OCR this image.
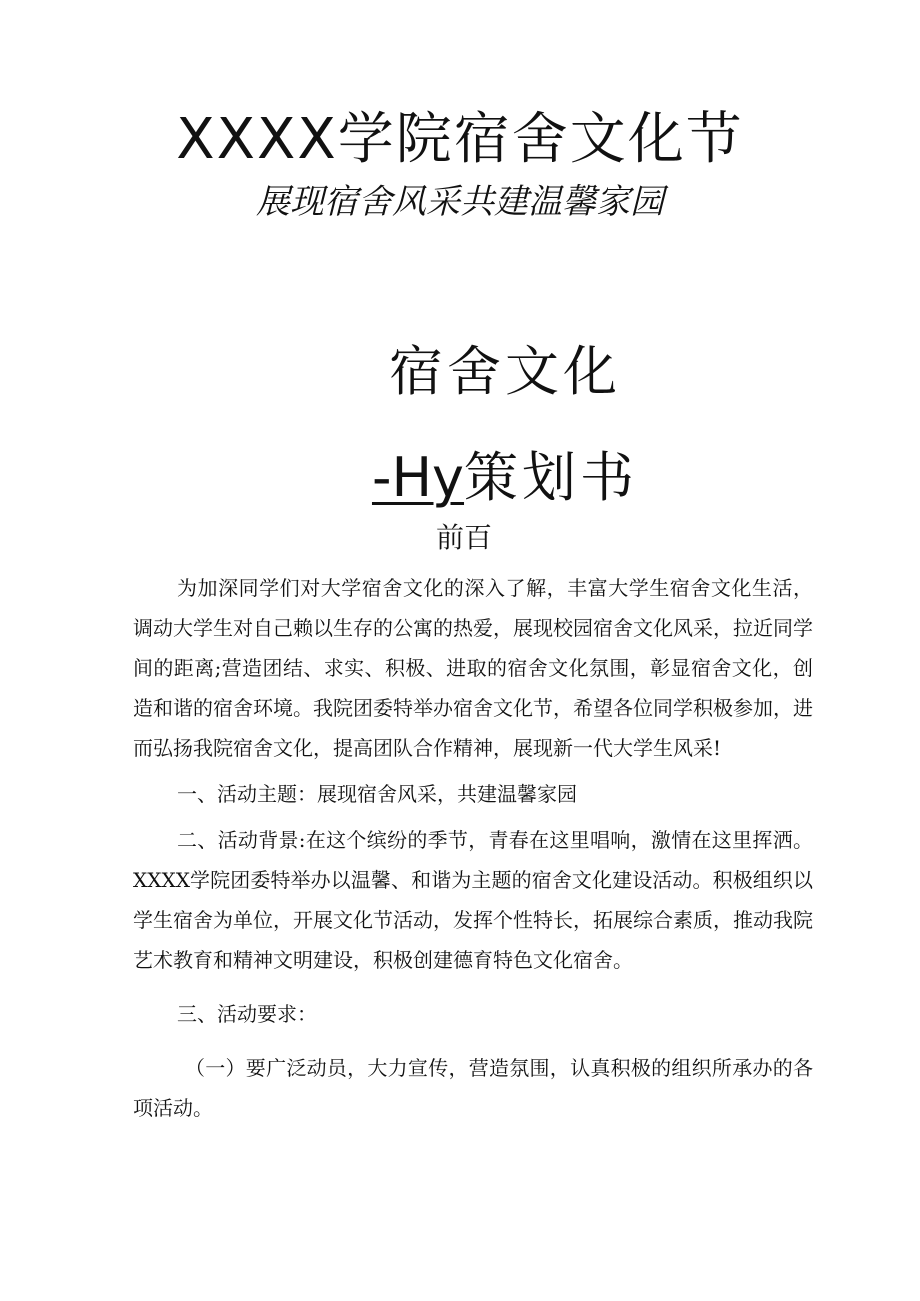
XXXX学院宿舍文化节
展现宿舍风采共建温馨家园
宿舍文化
-Hy策划书
前百

为加深同学们对大学宿舍文化的深入了解，丰富大学生宿舍文化生活，调动大学生对自己赖以生存的公寓的热爱，展现校园宿舍文化风采，拉近同学间的距离;营造团结、求实、积极、进取的宿舍文化氛围，彰显宿舍文化，创造和谐的宿舍环境。我院团委特举办宿舍文化节，希望各位同学积极参加，进而弘扬我院宿舍文化，提高团队合作精神，展现新一代大学生风采!

一、活动主题：展现宿舍风采，共建温馨家园

二、活动背景:在这个缤纷的季节，青春在这里唱响，激情在这里挥洒。XXXX学院团委特举办以温馨、和谐为主题的宿舍文化建设活动。积极组织以学生宿舍为单位，开展文化节活动，发挥个性特长，拓展综合素质，推动我院艺术教育和精神文明建设，积极创建德育特色文化宿舍。

三、活动要求：

（一）要广泛动员，大力宣传，营造氛围，认真积极的组织所承办的各项活动。
